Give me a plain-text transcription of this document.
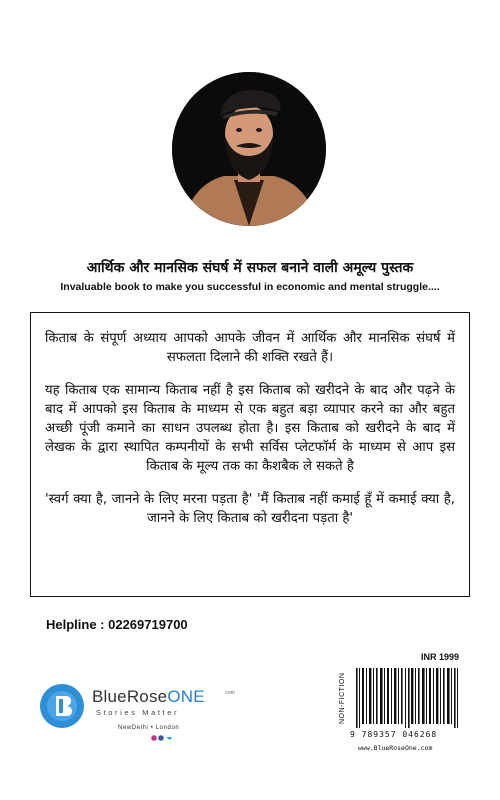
आर्थिक और मानसिक संघर्ष में सफल बनाने वाली अमूल्य पुस्तक
Invaluable book to make you successful in economic and mental struggle....

किताब के संपूर्ण अध्याय आपको आपके जीवन में आर्थिक और मानसिक संघर्ष में सफलता दिलाने की शक्ति रखते हैं।

यह किताब एक सामान्य किताब नहीं है इस किताब को खरीदने के बाद और पढ़ने के बाद में आपको इस किताब के माध्यम से एक बहुत बड़ा व्यापार करने का और बहुत अच्छी पूंजी कमाने का साधन उपलब्ध होता है। इस किताब को खरीदने के बाद में लेखक के द्वारा स्थापित कम्पनीयों के सभी सर्विस प्लेटफॉर्म के माध्यम से आप इस किताब के मूल्य तक का कैशबैक ले सकते है

'स्वर्ग क्या है, जानने के लिए मरना पड़ता है' 'मैं किताब नहीं कमाई हूँ में कमाई क्या है, जानने के लिए किताब को खरीदना पड़ता है'

Helpline : 02269719700
BlueRoseONE	.com
Stories Matter
NewDelhi • London
INR 1999
NON-FICTION
9 789357 046268
www.BlueRoseOne.com
